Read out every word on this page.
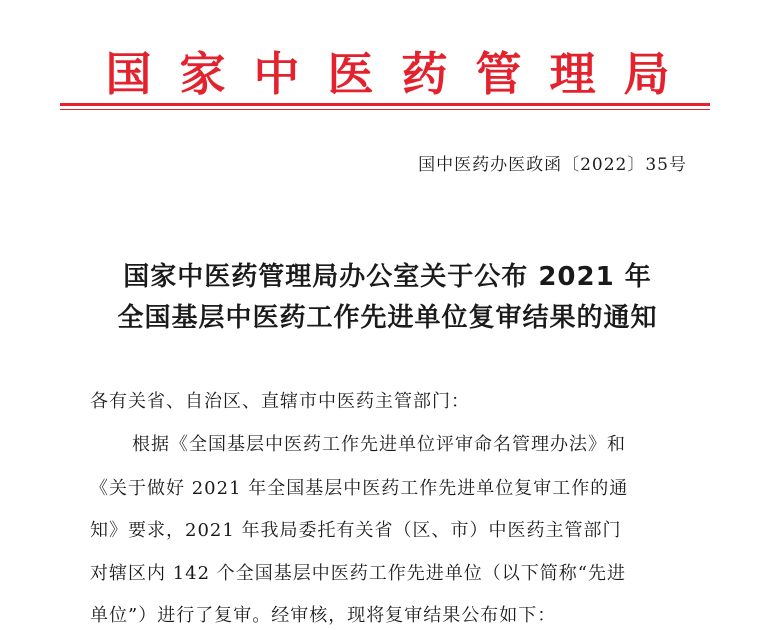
国家中医药管理局
国中医药办医政函〔2022〕35号
国家中医药管理局办公室关于公布 2021 年
全国基层中医药工作先进单位复审结果的通知
各有关省、自治区、直辖市中医药主管部门：
根据《全国基层中医药工作先进单位评审命名管理办法》和
《关于做好 2021 年全国基层中医药工作先进单位复审工作的通
知》要求，2021 年我局委托有关省（区、市）中医药主管部门
对辖区内 142 个全国基层中医药工作先进单位（以下简称“先进
单位”）进行了复审。经审核，现将复审结果公布如下：
